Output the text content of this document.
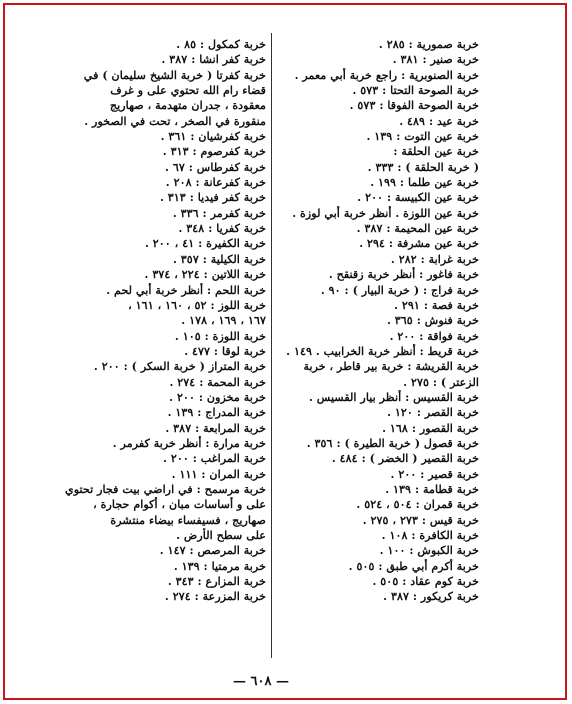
خربة صمورية : ٢٨٥ .
خربة صنير : ٣٨١ .
خربة الصنوبرية : راجع خربة أبي معمر .
خربة الصوحة التحتا : ٥٧٣ .
خربة الصوحة الفوقا : ٥٧٣ .
خربة عيد : ٤٨٩ .
خربة عين التوت : ١٣٩ .
خربة عين الحلقة :
( خربة الحلقة ) : ٣٣٣ .
خربة عين طلما : ١٩٩ .
خربة عين الكبيسة : ٢٠٠ .
خربة عين اللوزة . أنظر خربة أبي لوزة .
خربة عين المحيمة : ٣٨٧ .
خربة عين مشرفة : ٢٩٤ .
خربة غرابة : ٢٨٢ .
خربة فاغور : أنظر خربة زقنقح .
خربة فراج : ( خربة البيار ) : ٩٠ .
خربة فصة : ٢٩١ .
خربة فنوش : ٣٦٥ .
خربة فواقة : ٢٠٠ .
خربة قريط : أنظر خربة الخرابيب . ١٤٩ .
خربة القريشة : خربة بير قاطر ، خربة
الزعتر ) : ٢٧٥ .
خربة القسيس : أنظر بيار القسيس .
خربة القصر : ١٢٠ .
خربة القصور : ١٦٨ .
خربة قصول ( خربة الطيرة ) : ٣٥٦ .
خربة القصير ( الخضر ) : ٤٨٤ .
خربة قصير : ٢٠٠ .
خربة قطامة : ١٣٩ .
خربة قمران : ٥٠٤ ، ٥٢٤ .
خربة قيس : ٢٧٣ ، ٢٧٥ .
خربة الكافرة : ١٠٨ .
خربة الكبوش : ١٠٠ .
خربة أكرم أبي طبق : ٥٠٥ .
خربة كوم عقاد : ٥٠٥ .
خربة كريكور : ٣٨٧ .
خربة كمكول : ٨٥ .
خربة كفر انشا : ٣٨٧ .
خربة كفرتا ( خربة الشيخ سليمان ) في
قضاء رام الله تحتوي على و غرف
معقودة ، جدران متهدمة ، صهاريج
منقورة في الصخر ، تحت في الصخور .
خربة كفرشيان : ٣٦١ .
خربة كفرصوم : ٣١٣ .
خربة كفرطاس : ٦٧ .
خربة كفرعانة : ٢٠٨ .
خربة كفر فيديا : ٣١٣ .
خربة كفرمر : ٣٣٦ .
خربة كفريا : ٣٤٨ .
خربة الكفيرة : ٤١ ، ٢٠٠ .
خربة الكيلية : ٣٥٧ .
خربة اللاتين : ٢٢٤ ، ٣٧٤ .
خربة اللحم : أنظر خربة أبي لحم .
خربة اللوز : ٥٢ ، ١٦٠ ، ١٦١ ،
١٦٧ ، ١٦٩ ، ١٧٨ .
خربة اللوزة : ١٠٥ .
خربة لوقا : ٤٧٧ .
خربة المتراز ( خربة السكر ) : ٢٠٠ .
خربة المحمة : ٢٧٤ .
خربة مخزون : ٢٠٠ .
خربة المدراج : ١٣٩ .
خربة المرابعة : ٣٨٧ .
خربة مرارة : أنظر خربة كفرمر .
خربة المراغب : ٢٠٠ .
خربة المران : ١١١ .
خربة مرسمح : في اراضي بيت فجار تحتوي
على و أساسات مبان ، أكوام حجارة ،
صهاريج ، فسيفساء بيضاء منتشرة
على سطح الأرض .
خربة المرصص : ١٤٧ .
خربة مرمتيا : ١٣٩ .
خربة المزارع : ٣٤٣ .
خربة المزرعة : ٢٧٤ .
— ٦٠٨ —
